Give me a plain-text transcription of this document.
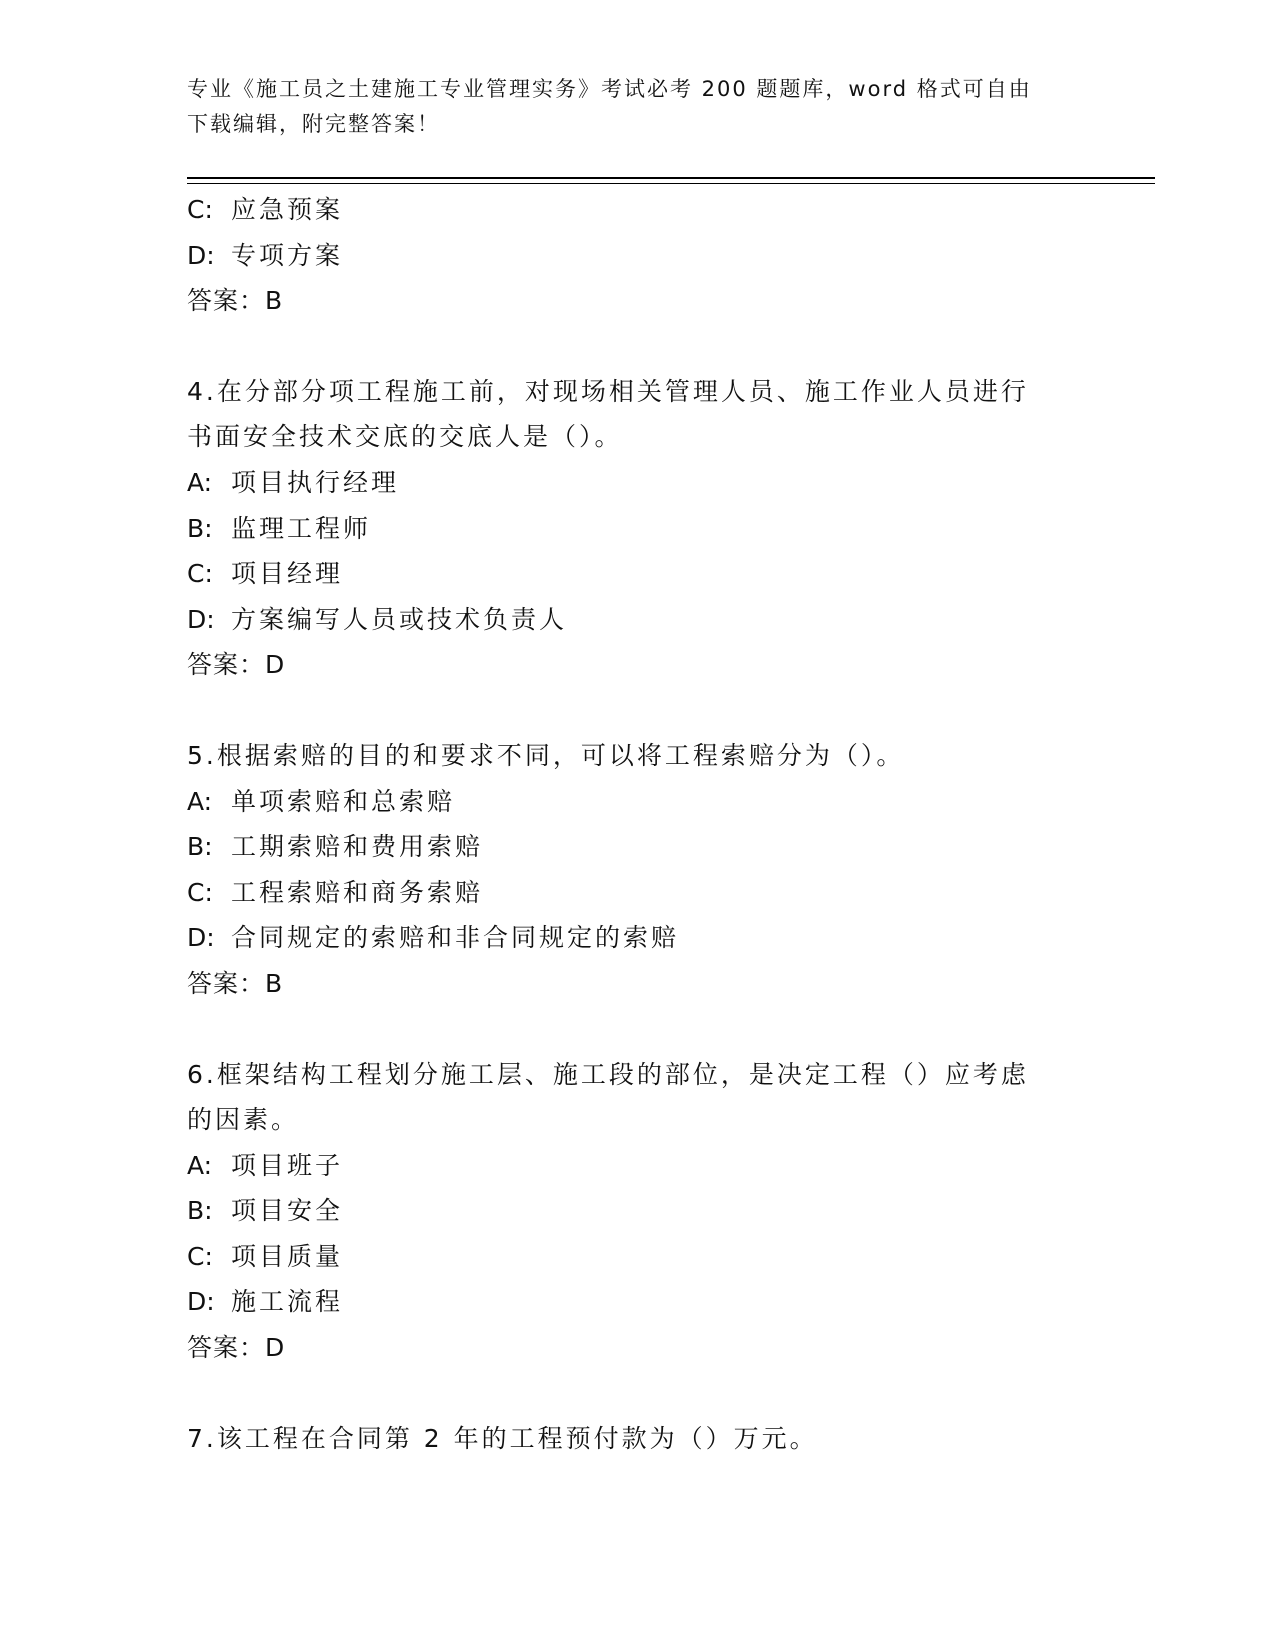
专业《施工员之土建施工专业管理实务》考试必考 200 题题库，word 格式可自由
下载编辑，附完整答案！
C: 应急预案
D: 专项方案
答案：B
4.在分部分项工程施工前，对现场相关管理人员、施工作业人员进行
书面安全技术交底的交底人是（）。
A: 项目执行经理
B: 监理工程师
C: 项目经理
D: 方案编写人员或技术负责人
答案：D
5.根据索赔的目的和要求不同，可以将工程索赔分为（）。
A: 单项索赔和总索赔
B: 工期索赔和费用索赔
C: 工程索赔和商务索赔
D: 合同规定的索赔和非合同规定的索赔
答案：B
6.框架结构工程划分施工层、施工段的部位，是决定工程（）应考虑
的因素。
A: 项目班子
B: 项目安全
C: 项目质量
D: 施工流程
答案：D
7.该工程在合同第 2 年的工程预付款为（）万元。
